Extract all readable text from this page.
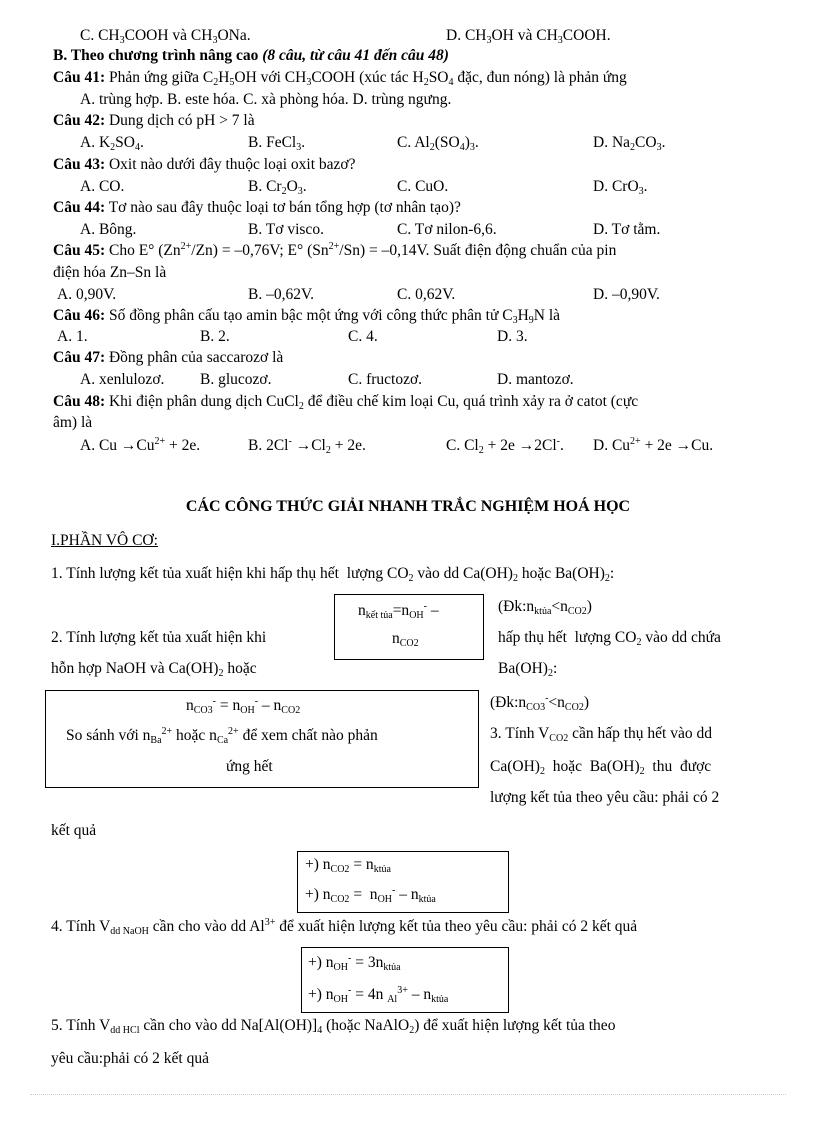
C. $CH_3COOH$ và $CH_3ONa$.	D. $CH_3OH$ và $CH_3COOH$.
B. Theo chương trình nâng cao (8 câu, từ câu 41 đến câu 48)
Câu 41: Phản ứng giữa $C_2H_5OH$ với $CH_3COOH$ (xúc tác $H_2SO_4$ đặc, đun nóng) là phản ứng
A. trùng hợp. B. este hóa. C. xà phòng hóa. D. trùng ngưng.
Câu 42: Dung dịch có pH > 7 là
A. $K_2SO_4$.	B. FeCl$_3$.	C. $Al_2(SO_4)_3$.	D. $Na_2CO_3$.
Câu 43: Oxit nào dưới đây thuộc loại oxit bazơ?
A. CO.	B. $Cr_2O_3$.	C. CuO.	D. CrO$_3$.
Câu 44: Tơ nào sau đây thuộc loại tơ bán tổng hợp (tơ nhân tạo)?
A. Bông.	B. Tơ visco.	C. Tơ nilon-6,6.	D. Tơ tằm.
Câu 45: Cho E° $(Zn^{2+}/Zn) = -0,76V$; E° $(Sn^{2+}/Sn) = -0,14V$. Suất điện động chuẩn của pin
điện hóa Zn–Sn là
A. 0,90V.	B. –0,62V.	C. 0,62V.	D. –0,90V.
Câu 46: Số đồng phân cấu tạo amin bậc một ứng với công thức phân tử $C_3H_9N$ là
A. 1.	B. 2.	C. 4.	D. 3.
Câu 47: Đồng phân của saccarozơ là
A. xenlulozơ. B. glucozơ.	C. fructozơ.	D. mantozơ.
Câu 48: Khi điện phân dung dịch CuCl$_2$ để điều chế kim loại Cu, quá trình xảy ra ở catot (cực
âm) là
A. $Cu \to Cu^{2+} + 2e$.	B. $2Cl^- \to Cl_2 + 2e$.	C. $Cl_2 + 2e \to 2Cl^-$. D. $Cu^{2+} + 2e \to Cu$.
CÁC CÔNG THỨC GIẢI NHANH TRẮC NGHIỆM HOÁ HỌC
I.PHẦN VÔ CƠ:
1. Tính lượng kết tủa xuất hiện khi hấp thụ hết  lượng $CO_2$ vào dd $Ca(OH)_2$ hoặc $Ba(OH)_2$:
$n_{kết tủa}=n_{OH}^-$ –
$n_{CO2}$
$(Đk:n_{ktủa}<n_{CO2})$
2. Tính lượng kết tủa xuất hiện khi
hỗn hợp NaOH và $Ca(OH)_2$ hoặc
hấp thụ hết  lượng $CO_2$ vào dd chứa
$Ba(OH)_2$:
$n_{CO3}^- = n_{OH}^- - n_{CO2}$
So sánh với $n_{Ba}^{2+}$ hoặc $n_{Ca}^{2+}$ để xem chất nào phản
ứng hết
$(Đk:n_{CO3}^-<n_{CO2})$
3. Tính $V_{CO2}$ cần hấp thụ hết vào dd
$Ca(OH)_2$  hoặc  $Ba(OH)_2$  thu  được
lượng kết tủa theo yêu cầu: phải có 2
kết quả
+) $n_{CO2} = n_{ktủa}$
+) $n_{CO2} = n_{OH}^- - n_{ktủa}$
4. Tính $V_{dd NaOH}$ cần cho vào dd $Al^{3+}$ để xuất hiện lượng kết tủa theo yêu cầu: phải có 2 kết quả
+) $n_{OH}^- = 3n_{ktủa}$
+) $n_{OH}^- = 4n$ $_{Al}^{3+} - n_{ktủa}$
5. Tính $V_{dd HCl}$ cần cho vào dd $Na[Al(OH)]_4$ (hoặc NaAlO$_2$) để xuất hiện lượng kết tủa theo
yêu cầu:phải có 2 kết quả
